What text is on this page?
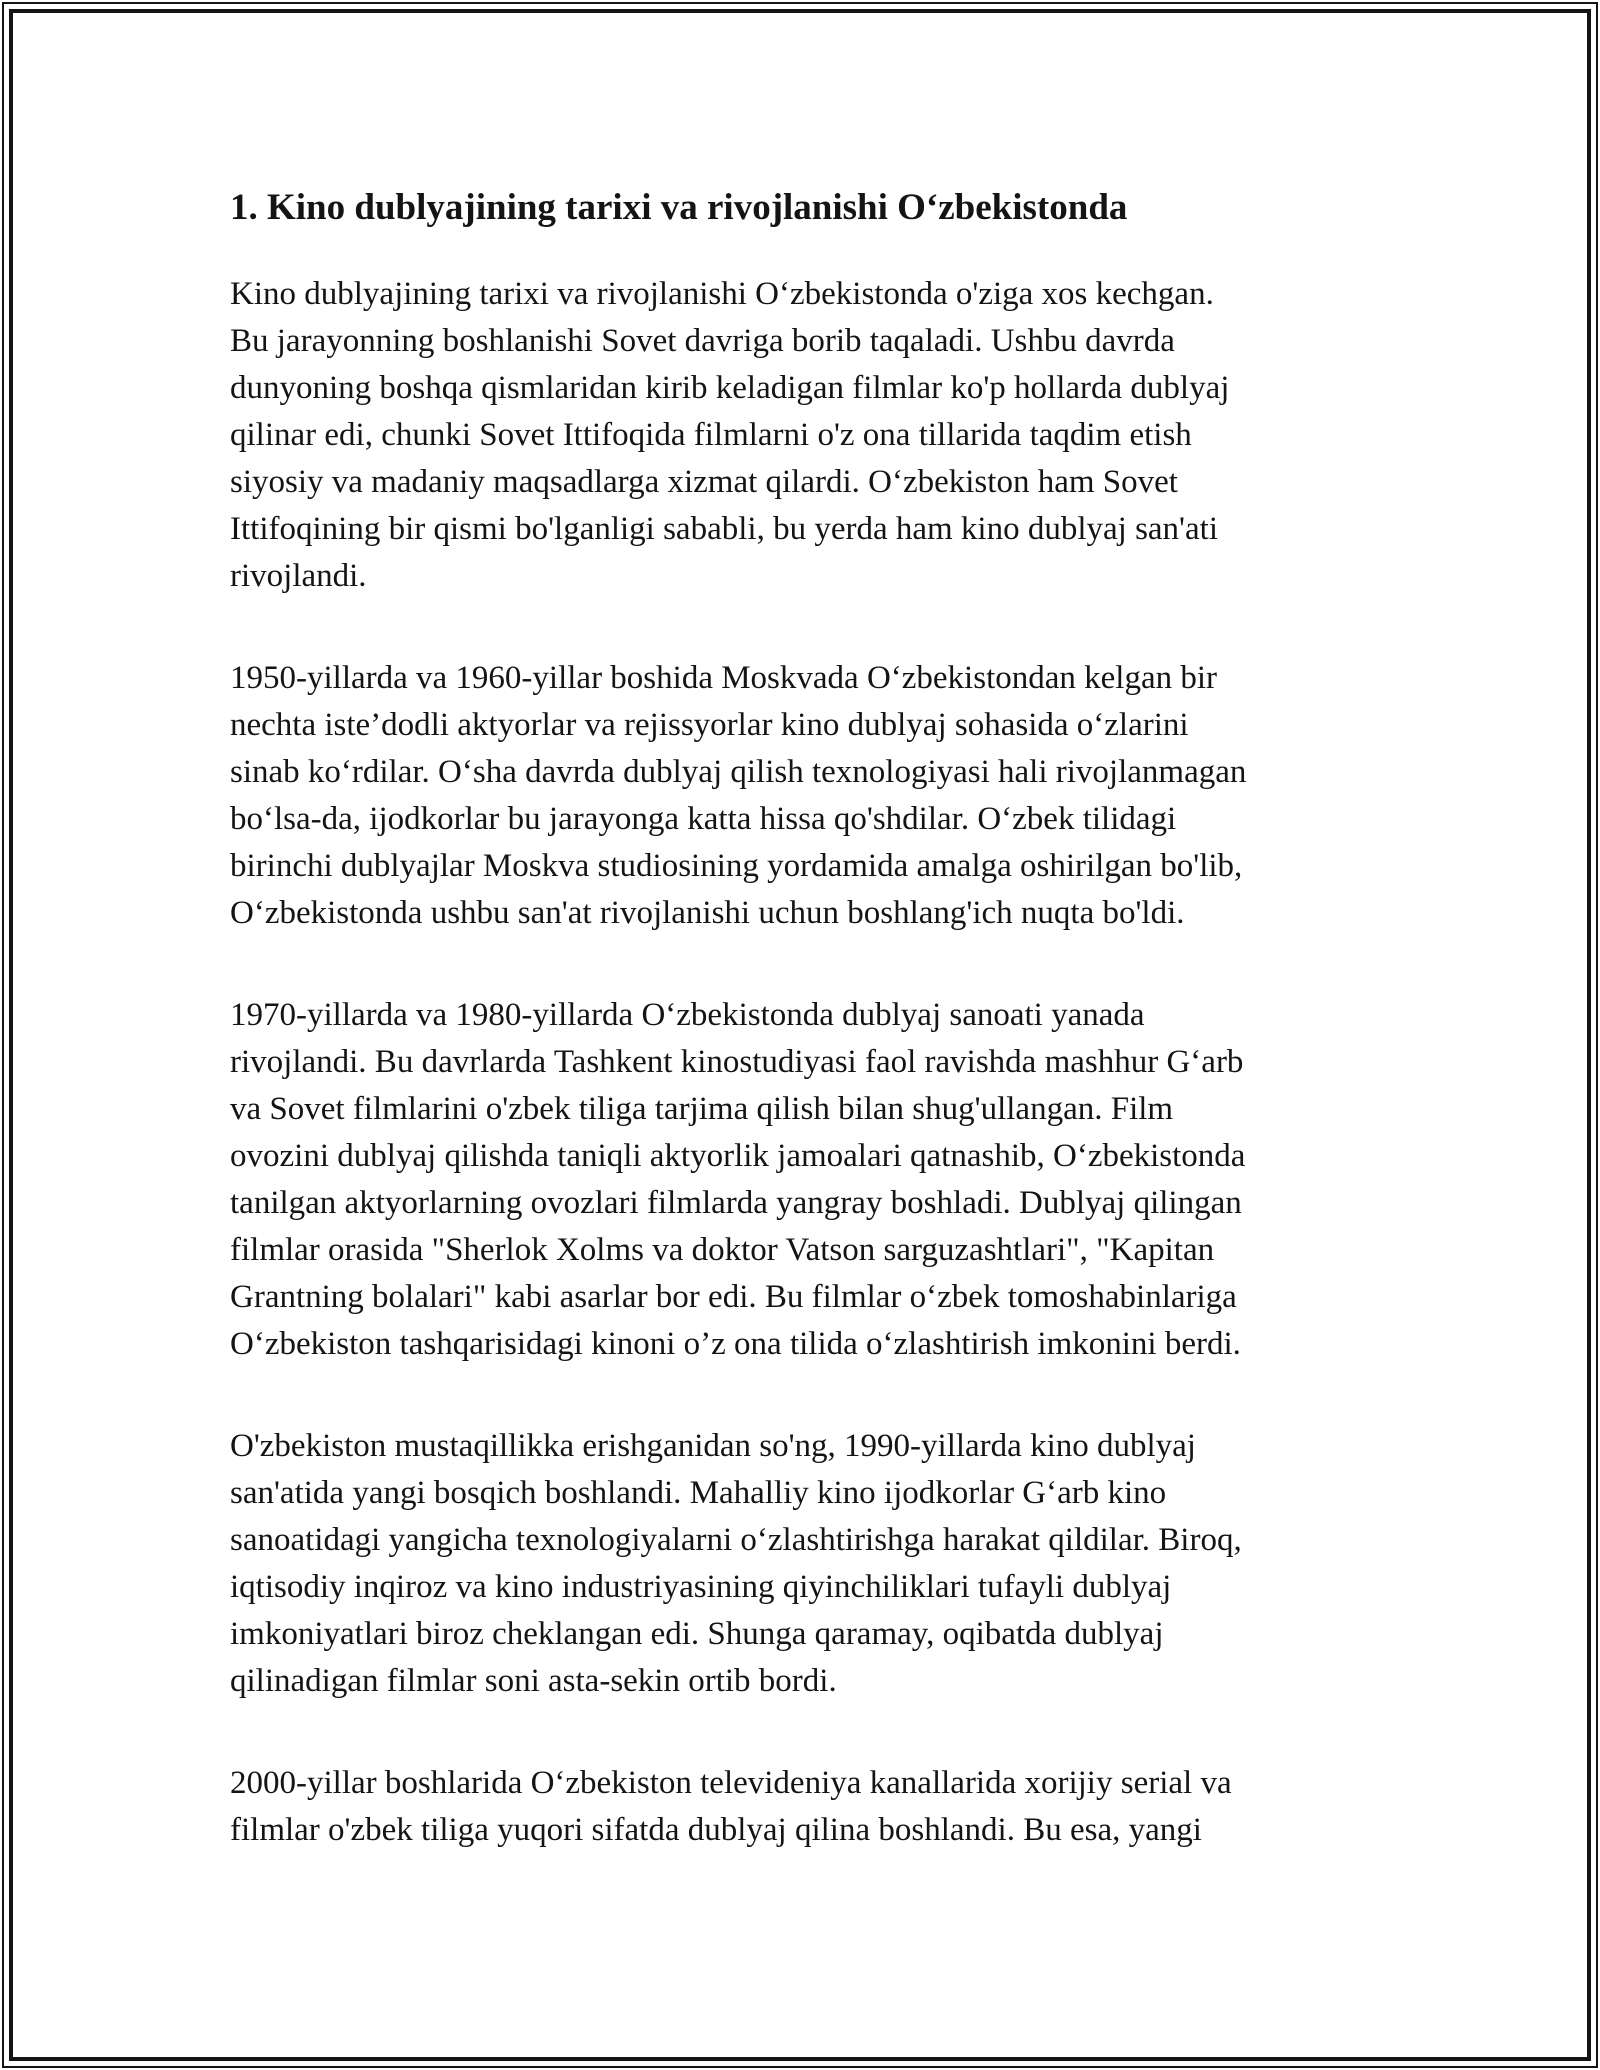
1. Kino dublyajining tarixi va rivojlanishi O‘zbekistonda

Kino dublyajining tarixi va rivojlanishi O‘zbekistonda o'ziga xos kechgan.
Bu jarayonning boshlanishi Sovet davriga borib taqaladi. Ushbu davrda
dunyoning boshqa qismlaridan kirib keladigan filmlar ko'p hollarda dublyaj
qilinar edi, chunki Sovet Ittifoqida filmlarni o'z ona tillarida taqdim etish
siyosiy va madaniy maqsadlarga xizmat qilardi. O‘zbekiston ham Sovet
Ittifoqining bir qismi bo'lganligi sababli, bu yerda ham kino dublyaj san'ati
rivojlandi.

1950-yillarda va 1960-yillar boshida Moskvada O‘zbekistondan kelgan bir
nechta iste’dodli aktyorlar va rejissyorlar kino dublyaj sohasida o‘zlarini
sinab ko‘rdilar. O‘sha davrda dublyaj qilish texnologiyasi hali rivojlanmagan
bo‘lsa-da, ijodkorlar bu jarayonga katta hissa qo'shdilar. O‘zbek tilidagi
birinchi dublyajlar Moskva studiosining yordamida amalga oshirilgan bo'lib,
O‘zbekistonda ushbu san'at rivojlanishi uchun boshlang'ich nuqta bo'ldi.

1970-yillarda va 1980-yillarda O‘zbekistonda dublyaj sanoati yanada
rivojlandi. Bu davrlarda Tashkent kinostudiyasi faol ravishda mashhur G‘arb
va Sovet filmlarini o'zbek tiliga tarjima qilish bilan shug'ullangan. Film
ovozini dublyaj qilishda taniqli aktyorlik jamoalari qatnashib, O‘zbekistonda
tanilgan aktyorlarning ovozlari filmlarda yangray boshladi. Dublyaj qilingan
filmlar orasida "Sherlok Xolms va doktor Vatson sarguzashtlari", "Kapitan
Grantning bolalari" kabi asarlar bor edi. Bu filmlar o‘zbek tomoshabinlariga
O‘zbekiston tashqarisidagi kinoni o’z ona tilida o‘zlashtirish imkonini berdi.

O'zbekiston mustaqillikka erishganidan so'ng, 1990-yillarda kino dublyaj
san'atida yangi bosqich boshlandi. Mahalliy kino ijodkorlar G‘arb kino
sanoatidagi yangicha texnologiyalarni o‘zlashtirishga harakat qildilar. Biroq,
iqtisodiy inqiroz va kino industriyasining qiyinchiliklari tufayli dublyaj
imkoniyatlari biroz cheklangan edi. Shunga qaramay, oqibatda dublyaj
qilinadigan filmlar soni asta-sekin ortib bordi.

2000-yillar boshlarida O‘zbekiston televideniya kanallarida xorijiy serial va
filmlar o'zbek tiliga yuqori sifatda dublyaj qilina boshlandi. Bu esa, yangi
